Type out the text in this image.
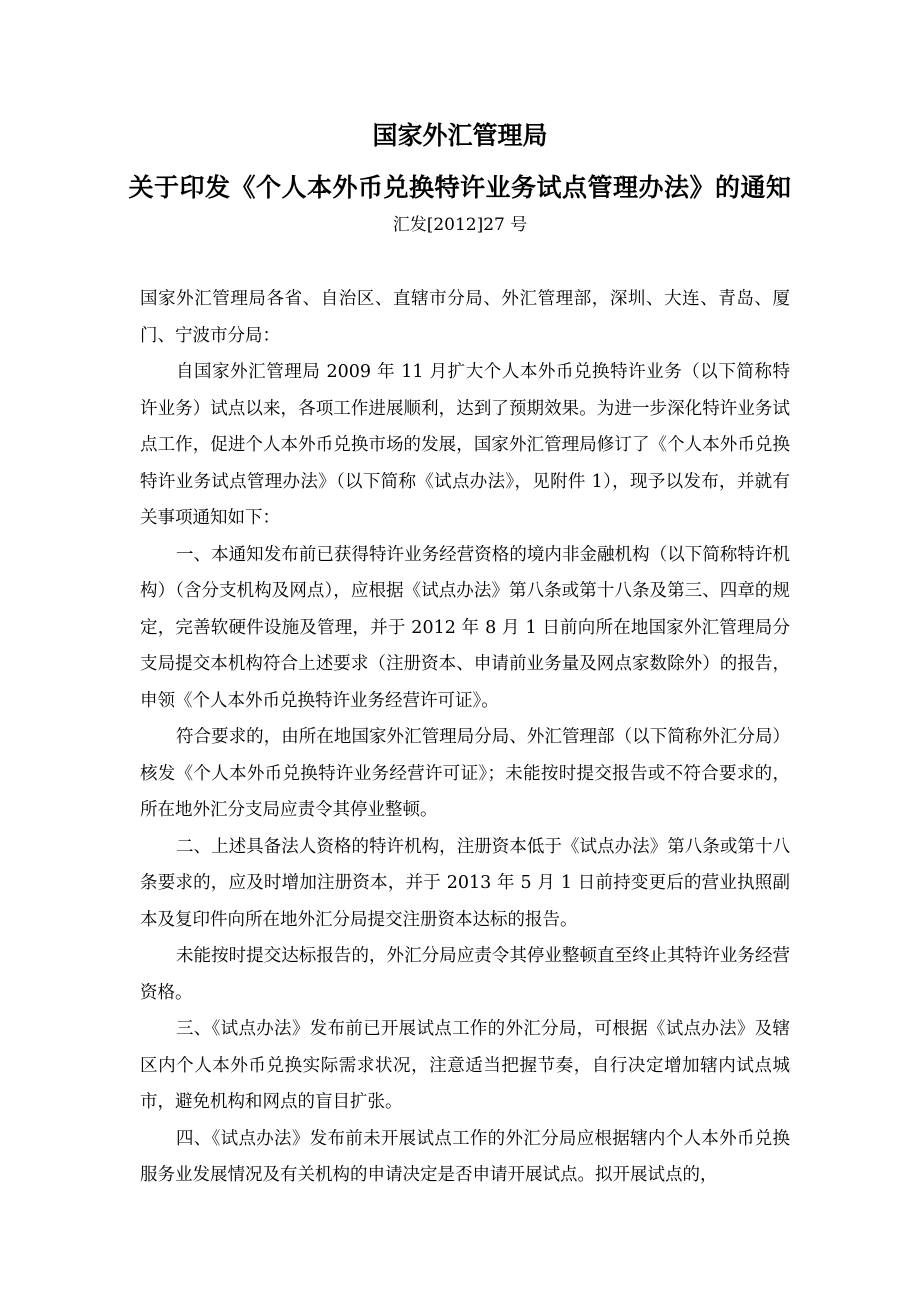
国家外汇管理局
关于印发《个人本外币兑换特许业务试点管理办法》的通知
汇发[2012]27 号

国家外汇管理局各省、自治区、直辖市分局、外汇管理部，深圳、大连、青岛、厦门、宁波市分局：

自国家外汇管理局 2009 年 11 月扩大个人本外币兑换特许业务（以下简称特许业务）试点以来，各项工作进展顺利，达到了预期效果。为进一步深化特许业务试点工作，促进个人本外币兑换市场的发展，国家外汇管理局修订了《个人本外币兑换特许业务试点管理办法》（以下简称《试点办法》，见附件 1），现予以发布，并就有关事项通知如下：

一、本通知发布前已获得特许业务经营资格的境内非金融机构（以下简称特许机构）（含分支机构及网点），应根据《试点办法》第八条或第十八条及第三、四章的规定，完善软硬件设施及管理，并于 2012 年 8 月 1 日前向所在地国家外汇管理局分支局提交本机构符合上述要求（注册资本、申请前业务量及网点家数除外）的报告，申领《个人本外币兑换特许业务经营许可证》。

符合要求的，由所在地国家外汇管理局分局、外汇管理部（以下简称外汇分局）核发《个人本外币兑换特许业务经营许可证》；未能按时提交报告或不符合要求的，所在地外汇分支局应责令其停业整顿。

二、上述具备法人资格的特许机构，注册资本低于《试点办法》第八条或第十八条要求的，应及时增加注册资本，并于 2013 年 5 月 1 日前持变更后的营业执照副本及复印件向所在地外汇分局提交注册资本达标的报告。

未能按时提交达标报告的，外汇分局应责令其停业整顿直至终止其特许业务经营资格。

三、《试点办法》发布前已开展试点工作的外汇分局，可根据《试点办法》及辖区内个人本外币兑换实际需求状况，注意适当把握节奏，自行决定增加辖内试点城市，避免机构和网点的盲目扩张。

四、《试点办法》发布前未开展试点工作的外汇分局应根据辖内个人本外币兑换服务业发展情况及有关机构的申请决定是否申请开展试点。拟开展试点的，
